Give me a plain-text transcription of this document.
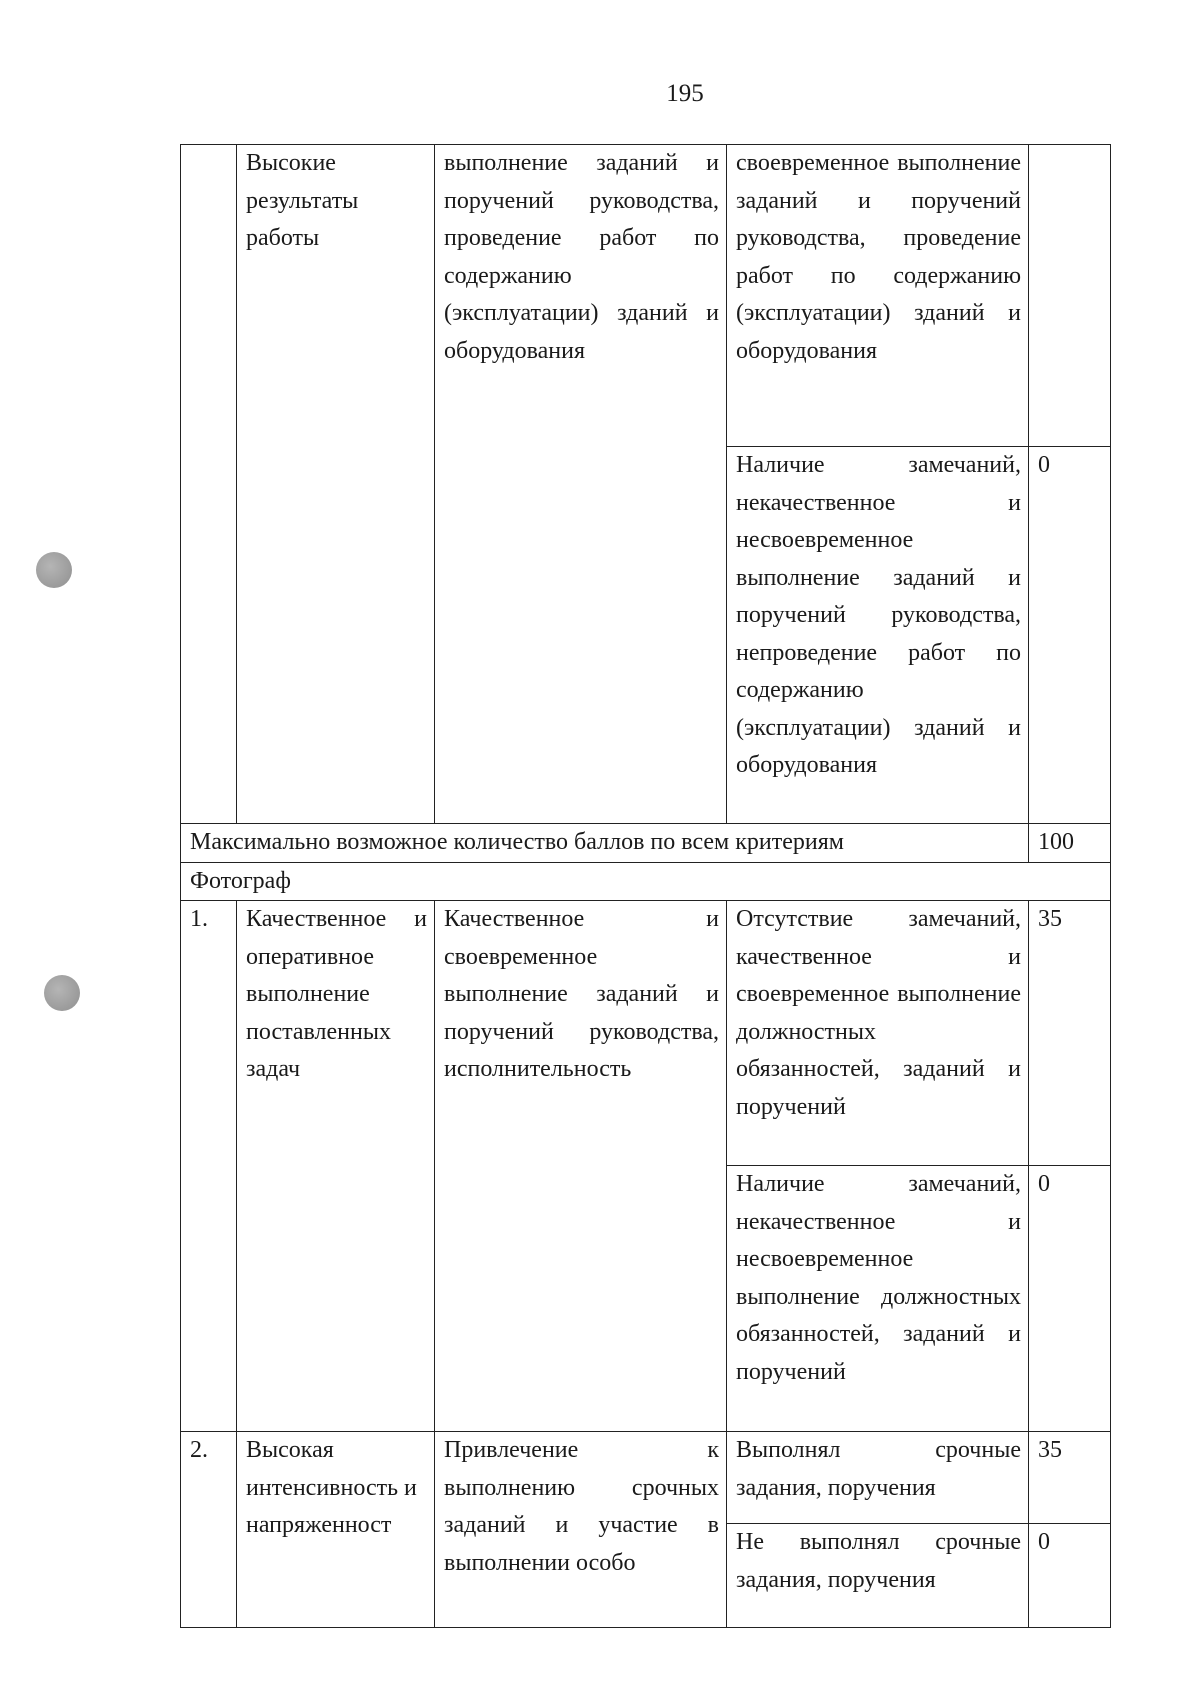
195
	Высокие результаты работы	выполнение заданий и поручений руководства, проведение работ по содержанию (эксплуатации) зданий и оборудования	своевременное выполнение заданий и поручений руководства, проведение работ по содержанию (эксплуатации) зданий и оборудования	
			Наличие замечаний, некачественное и несвоевременное выполнение заданий и поручений руководства, непроведение работ по содержанию (эксплуатации) зданий и оборудования	0
Максимально возможное количество баллов по всем критериям				100
Фотограф				
1.	Качественное и оперативное выполнение поставленных задач	Качественное и своевременное выполнение заданий и поручений руководства, исполнительность	Отсутствие замечаний, качественное и своевременное выполнение должностных обязанностей, заданий и поручений	35
			Наличие замечаний, некачественное и несвоевременное выполнение должностных обязанностей, заданий и поручений	0
2.	Высокая интенсивность и напряженност	Привлечение к выполнению срочных заданий и участие в выполнении особо	Выполнял срочные задания, поручения	35
			Не выполнял срочные задания, поручения	0
